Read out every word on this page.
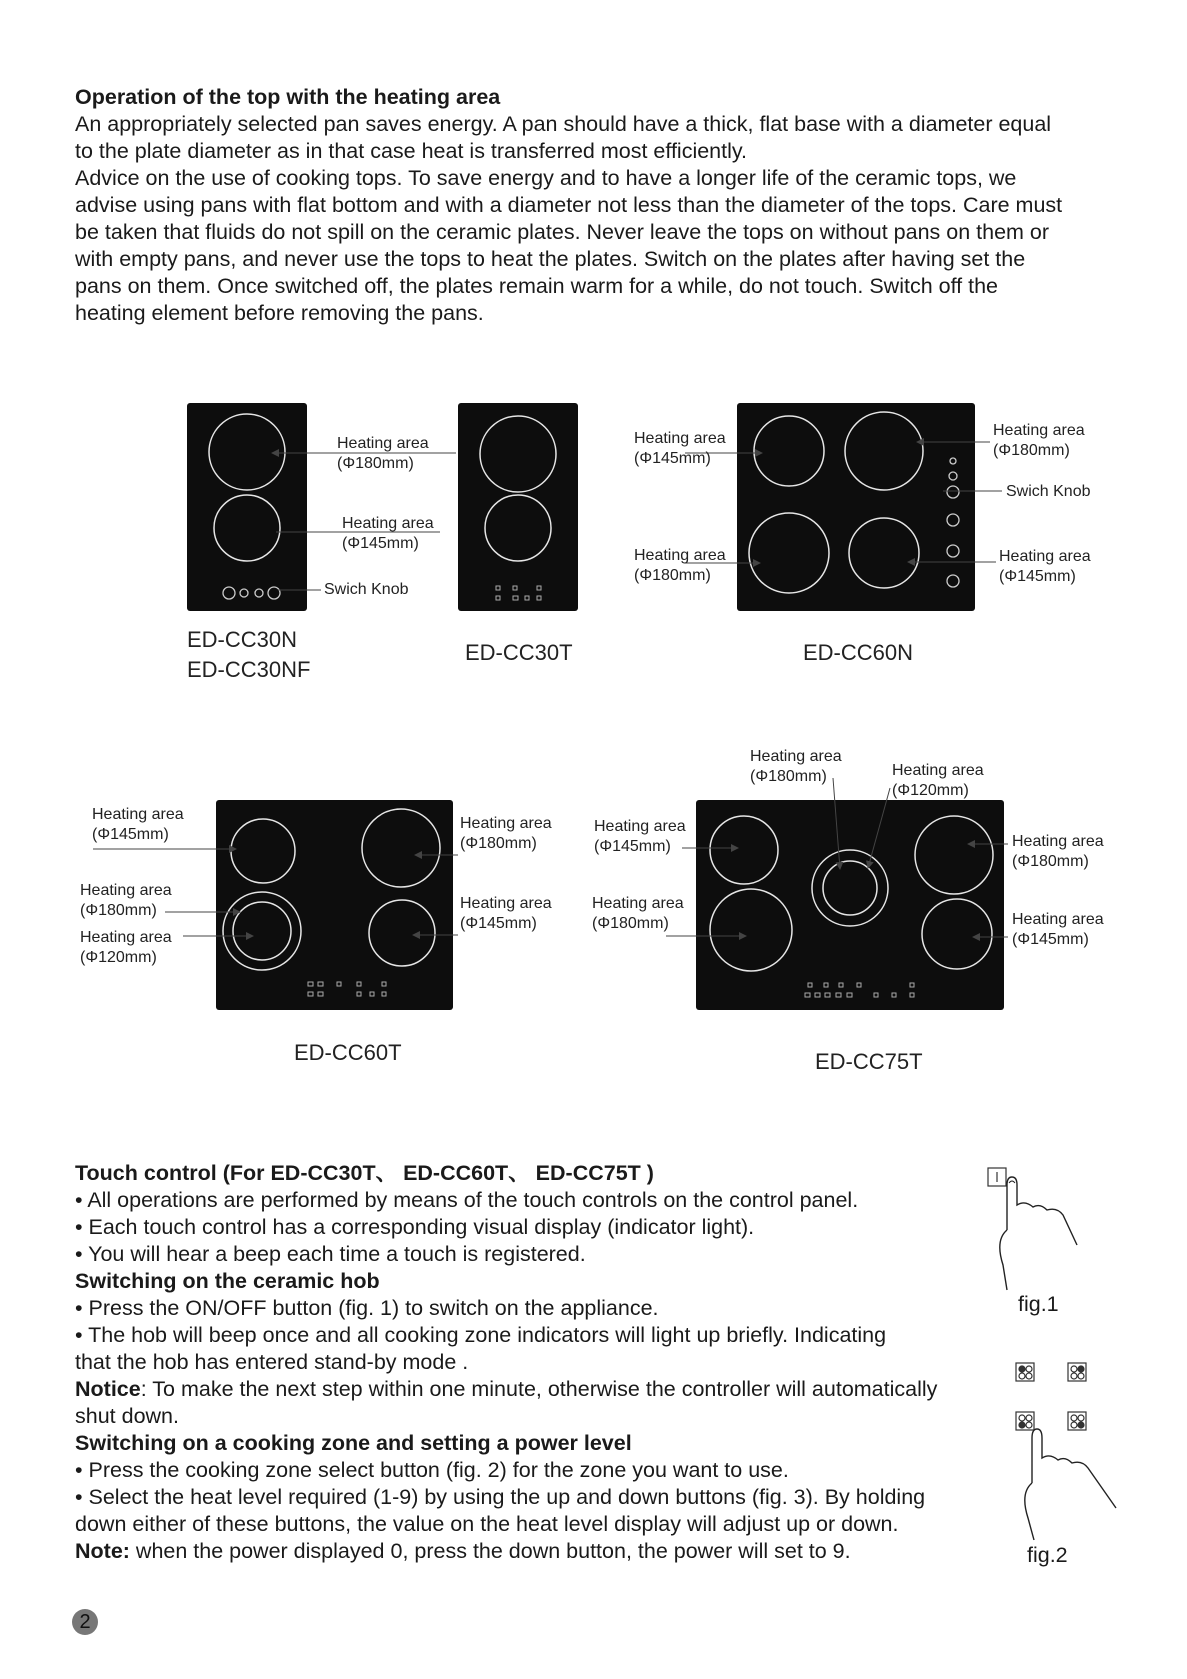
Operation of the top with the heating area
An appropriately selected pan saves energy. A pan should have a thick, flat base with a diameter equal
to the plate diameter as in that case heat is transferred most efficiently.
Advice on the use of cooking tops. To save energy and to have a longer life of the ceramic tops, we
advise using pans with flat bottom and with a diameter not less than the diameter of the tops. Care must
be taken that fluids do not spill on the ceramic plates. Never leave the tops on without pans on them or
with empty pans, and never use the tops to heat the plates. Switch on the plates after having set the
pans on them. Once switched off, the plates remain warm for a while, do not touch. Switch off the
heating element before removing the pans.
Heating area
(Φ180mm)
Heating area
(Φ145mm)
Swich Knob
ED-CC30N
ED-CC30NF
ED-CC30T
Heating area
(Φ145mm)
Heating area
(Φ180mm)
Heating area
(Φ180mm)
Swich Knob
Heating area
(Φ145mm)
ED-CC60N
Heating area
(Φ145mm)
Heating area
(Φ180mm)
Heating area
(Φ120mm)
Heating area
(Φ180mm)
Heating area
(Φ145mm)
ED-CC60T
Heating area
(Φ180mm)	Heating area
(Φ120mm)
Heating area
(Φ145mm)
Heating area
(Φ180mm)
Heating area
(Φ180mm)
Heating area
(Φ145mm)
ED-CC75T
Touch control (For ED-CC30T、 ED-CC60T、 ED-CC75T )
• All operations are performed by means of the touch controls on the control panel.
• Each touch control has a corresponding visual display (indicator light).
• You will hear a beep each time a touch is registered.
Switching on the ceramic hob
• Press the ON/OFF button (fig. 1) to switch on the appliance.
• The hob will beep once and all cooking zone indicators will light up briefly. Indicating
that the hob has entered stand-by mode .
Notice: To make the next step within one minute, otherwise the controller will automatically
shut down.
Switching on a cooking zone and setting a power level
• Press the cooking zone select button (fig. 2) for the zone you want to use.
• Select the heat level required (1-9) by using the up and down buttons (fig. 3). By holding
down either of these buttons, the value on the heat level display will adjust up or down.
Note: when the power displayed 0, press the down button, the power will set to 9.
fig.1
fig.2
2
